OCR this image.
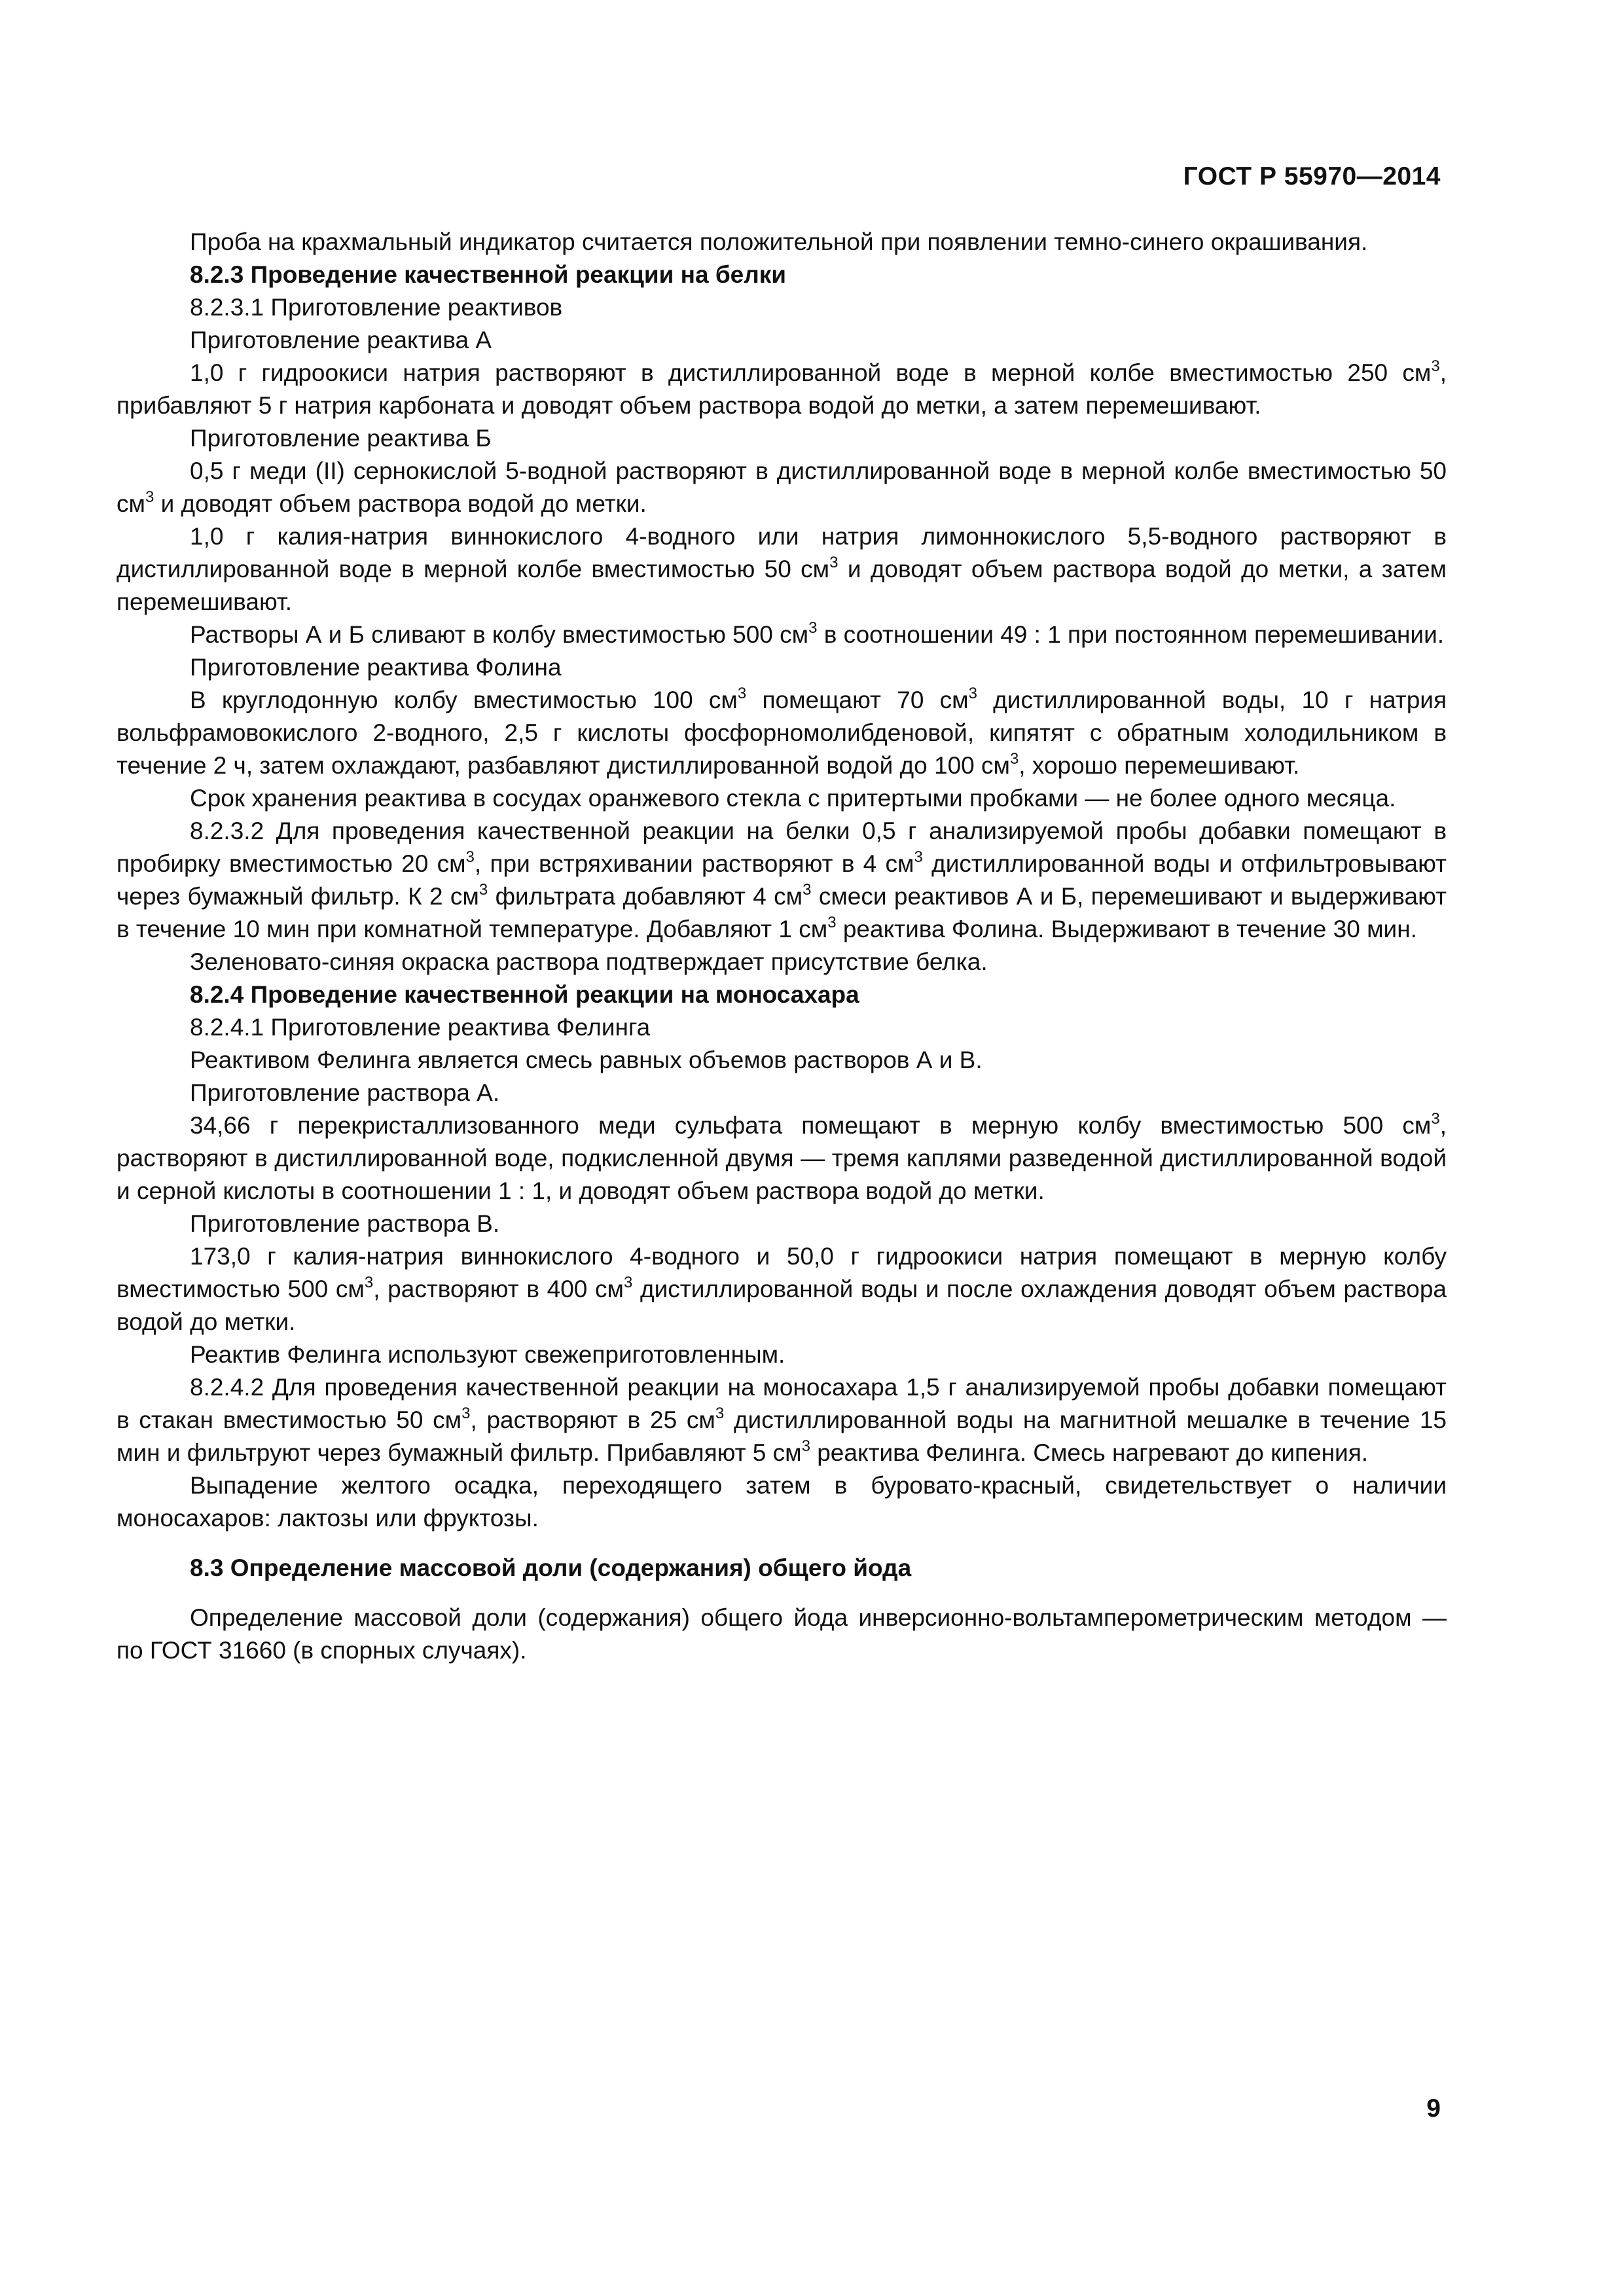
ГОСТ Р 55970—2014

Проба на крахмальный индикатор считается положительной при появлении темно-синего окрашивания.

8.2.3 Проведение качественной реакции на белки

8.2.3.1 Приготовление реактивов

Приготовление реактива А

1,0 г гидроокиси натрия растворяют в дистиллированной воде в мерной колбе вместимостью 250 $см^3$, прибавляют 5 г натрия карбоната и доводят объем раствора водой до метки, а затем перемешивают.

Приготовление реактива Б

0,5 г меди (II) сернокислой 5-водной растворяют в дистиллированной воде в мерной колбе вместимостью 50 $см^3$ и доводят объем раствора водой до метки.

1,0 г калия-натрия виннокислого 4-водного или натрия лимоннокислого 5,5-водного растворяют в дистиллированной воде в мерной колбе вместимостью 50 $см^3$ и доводят объем раствора водой до метки, а затем перемешивают.

Растворы А и Б сливают в колбу вместимостью 500 $см^3$ в соотношении 49 : 1 при постоянном перемешивании.

Приготовление реактива Фолина

В круглодонную колбу вместимостью 100 $см^3$ помещают 70 $см^3$ дистиллированной воды, 10 г натрия вольфрамовокислого 2-водного, 2,5 г кислоты фосфорномолибденовой, кипятят с обратным холодильником в течение 2 ч, затем охлаждают, разбавляют дистиллированной водой до 100 $см^3$, хорошо перемешивают.

Срок хранения реактива в сосудах оранжевого стекла с притертыми пробками — не более одного месяца.

8.2.3.2 Для проведения качественной реакции на белки 0,5 г анализируемой пробы добавки помещают в пробирку вместимостью 20 $см^3$, при встряхивании растворяют в 4 $см^3$ дистиллированной воды и отфильтровывают через бумажный фильтр. К 2 $см^3$ фильтрата добавляют 4 $см^3$ смеси реактивов А и Б, перемешивают и выдерживают в течение 10 мин при комнатной температуре. Добавляют 1 $см^3$ реактива Фолина. Выдерживают в течение 30 мин.

Зеленовато-синяя окраска раствора подтверждает присутствие белка.

8.2.4 Проведение качественной реакции на моносахара

8.2.4.1 Приготовление реактива Фелинга

Реактивом Фелинга является смесь равных объемов растворов А и В.

Приготовление раствора А.

34,66 г перекристаллизованного меди сульфата помещают в мерную колбу вместимостью 500 $см^3$, растворяют в дистиллированной воде, подкисленной двумя — тремя каплями разведенной дистиллированной водой и серной кислоты в соотношении 1 : 1, и доводят объем раствора водой до метки.

Приготовление раствора В.

173,0 г калия-натрия виннокислого 4-водного и 50,0 г гидроокиси натрия помещают в мерную колбу вместимостью 500 $см^3$, растворяют в 400 $см^3$ дистиллированной воды и после охлаждения доводят объем раствора водой до метки.

Реактив Фелинга используют свежеприготовленным.

8.2.4.2 Для проведения качественной реакции на моносахара 1,5 г анализируемой пробы добавки помещают в стакан вместимостью 50 $см^3$, растворяют в 25 $см^3$ дистиллированной воды на магнитной мешалке в течение 15 мин и фильтруют через бумажный фильтр. Прибавляют 5 $см^3$ реактива Фелинга. Смесь нагревают до кипения.

Выпадение желтого осадка, переходящего затем в буровато-красный, свидетельствует о наличии моносахаров: лактозы или фруктозы.

8.3 Определение массовой доли (содержания) общего йода

Определение массовой доли (содержания) общего йода инверсионно-вольтамперометрическим методом — по ГОСТ 31660 (в спорных случаях).

9
